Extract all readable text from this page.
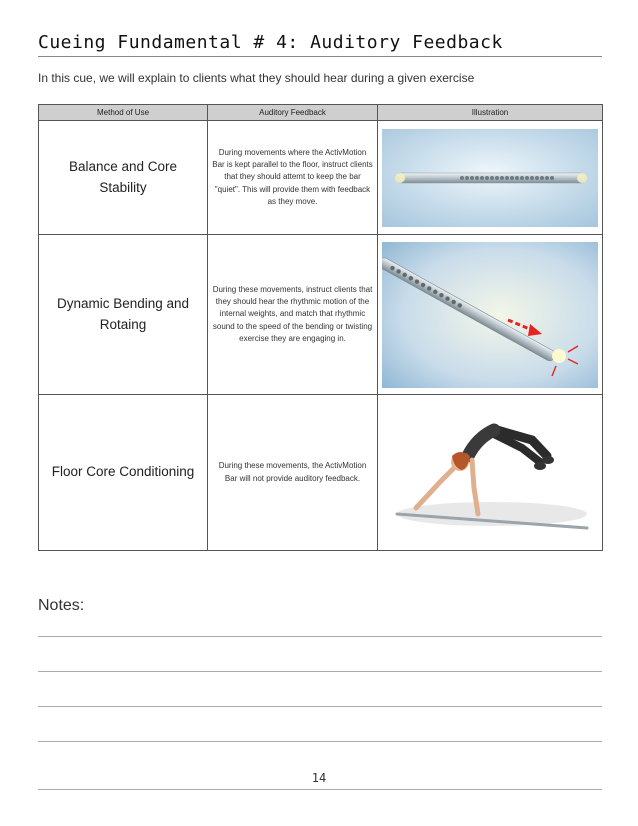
Cueing Fundamental # 4: Auditory Feedback
In this cue, we will explain to clients what they should hear during a given exercise
Method of Use	Auditory Feedback	Illustration
Balance and Core Stability	During movements where the ActivMotion Bar is kept parallel to the floor, instruct clients that they should attemt to keep the bar "quiet". This will provide them with feedback as they move.	

Dynamic Bending and Rotaing	During these movements, instruct clients that they should hear the rhythmic motion of the internal weights, and match that rhythmic sound to the speed of the bending or twisting exercise they are engaging in.	

Floor Core Conditioning	During these movements, the ActivMotion Bar will not provide auditory feedback.	
Notes:
14
